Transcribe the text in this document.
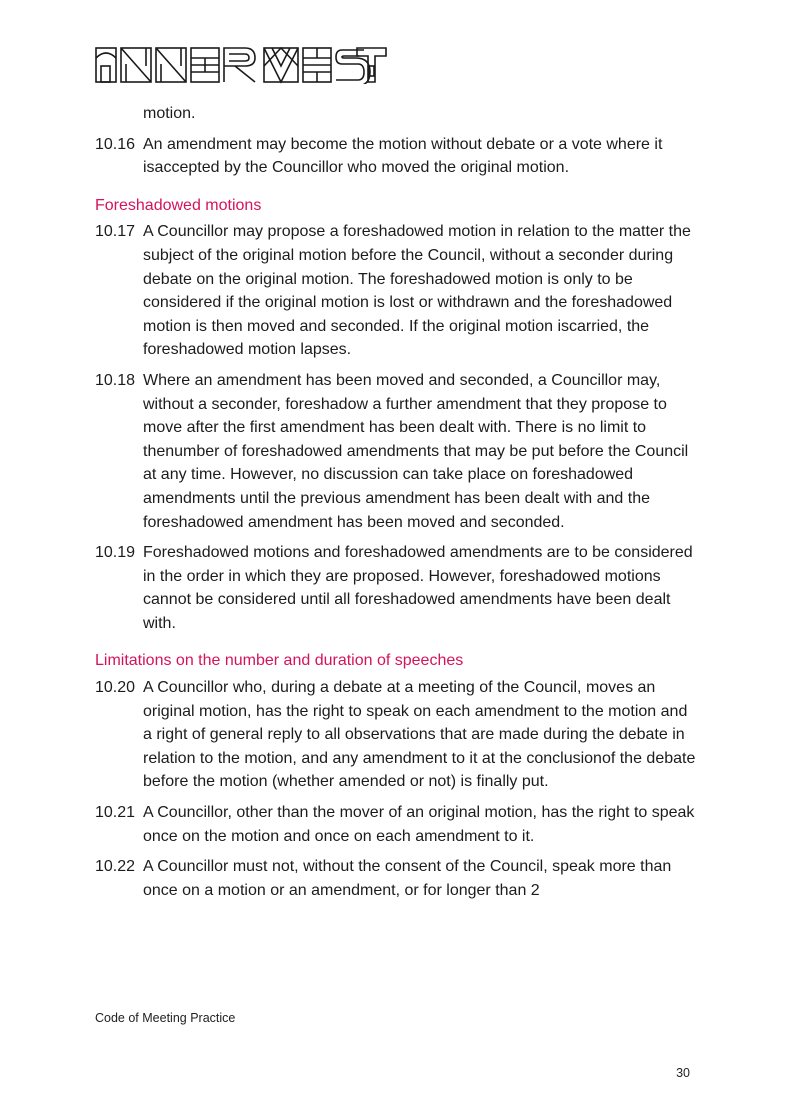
motion.
10.16 An amendment may become the motion without debate or a vote where it isaccepted by the Councillor who moved the original motion.
Foreshadowed motions
10.17 A Councillor may propose a foreshadowed motion in relation to the matter the subject of the original motion before the Council, without a seconder during debate on the original motion. The foreshadowed motion is only to be considered if the original motion is lost or withdrawn and the foreshadowed motion is then moved and seconded. If the original motion iscarried, the foreshadowed motion lapses.
10.18 Where an amendment has been moved and seconded, a Councillor may, without a seconder, foreshadow a further amendment that they propose to move after the first amendment has been dealt with. There is no limit to thenumber of foreshadowed amendments that may be put before the Council at any time. However, no discussion can take place on foreshadowed amendments until the previous amendment has been dealt with and the foreshadowed amendment has been moved and seconded.
10.19 Foreshadowed motions and foreshadowed amendments are to be considered in the order in which they are proposed. However, foreshadowed motions cannot be considered until all foreshadowed amendments have been dealt with.
Limitations on the number and duration of speeches
10.20 A Councillor who, during a debate at a meeting of the Council, moves an original motion, has the right to speak on each amendment to the motion and a right of general reply to all observations that are made during the debate in relation to the motion, and any amendment to it at the conclusionof the debate before the motion (whether amended or not) is finally put.
10.21 A Councillor, other than the mover of an original motion, has the right to speak once on the motion and once on each amendment to it.
10.22 A Councillor must not, without the consent of the Council, speak more than once on a motion or an amendment, or for longer than 2
Code of Meeting Practice
30
